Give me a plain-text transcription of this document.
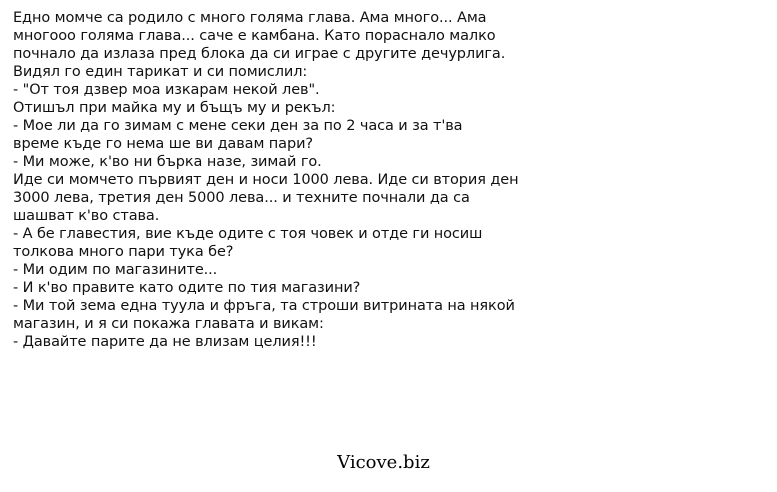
Едно момче са родило с много голяма глава. Ама много... Ама
многооо голяма глава... саче е камбана. Като пораснало малко
почнало да излаза пред блока да си играе с другите дечурлига.
Видял го един тарикат и си помислил:
- "От тоя дзвер моа изкарам некой лев".
Отишъл при майка му и бъщъ му и рекъл:
- Мое ли да го зимам с мене секи ден за по 2 часа и за т'ва
време къде го нема ше ви давам пари?
- Ми може, к'во ни бърка назе, зимай го.
Иде си момчето първият ден и носи 1000 лева. Иде си втория ден
3000 лева, третия ден 5000 лева... и техните почнали да са
шашват к'во става.
- А бе главестия, вие къде одите с тоя човек и отде ги носиш
толкова много пари тука бе?
- Ми одим по магазините...
- И к'во правите като одите по тия магазини?
- Ми той зема една туула и фръга, та строши витрината на някой
магазин, и я си покажа главата и викам:
- Давайте парите да не влизам целия!!!
Vicove.biz
